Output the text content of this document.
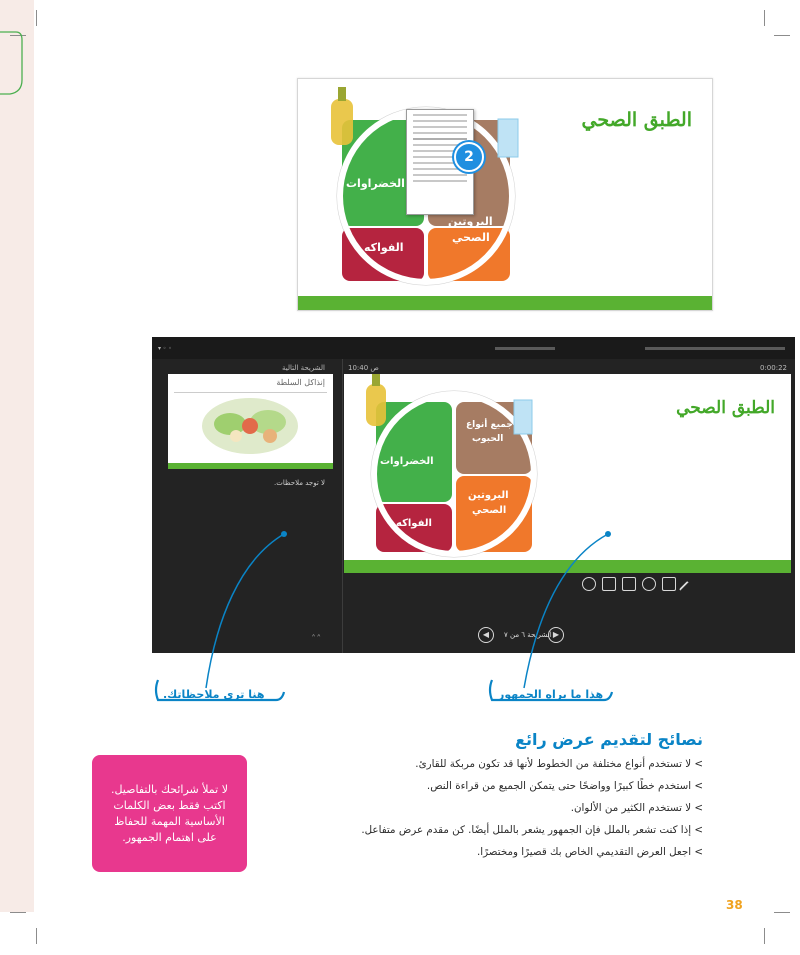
الطبق الصحي
الخضراوات
الفواكه
البروتين
الصحي
2
▾ ◦ ◦
الشريحة التالية	ص 10:40	0:00:22
إنذاكل السلطة
لا توجد ملاحظات.
الطبق الصحي
الخضراوات
الفواكه
جميع أنواع
الحبوب
البروتين
الصحي
◀	الشريحة ٦ من ٧ ▶
ᴬ ᴬ
هنا ترى ملاحظاتك.	هذا ما يراه الجمهور
نصائح لتقديم عرض رائع
> لا تستخدم أنواع مختلفة من الخطوط لأنها قد تكون مربكة للقارئ.
> استخدم خطًا كبيرًا وواضحًا حتى يتمكن الجميع من قراءة النص.
> لا تستخدم الكثير من الألوان.
> إذا كنت تشعر بالملل فإن الجمهور يشعر بالملل أيضًا. كن مقدم عرض متفاعل.
> اجعل العرض التقديمي الخاص بك قصيرًا ومختصرًا.
لا تملأ شرائحك بالتفاصيل. اكتب فقط بعض الكلمات الأساسية المهمة للحفاظ على اهتمام الجمهور.
38
